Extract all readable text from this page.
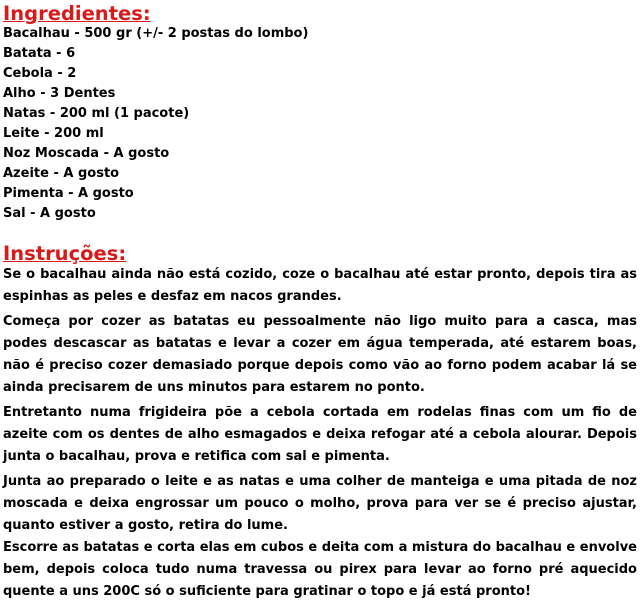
Ingredientes:
Bacalhau - 500 gr (+/- 2 postas do lombo)
Batata - 6
Cebola - 2
Alho - 3 Dentes
Natas - 200 ml (1 pacote)
Leite - 200 ml
Noz Moscada - A gosto
Azeite - A gosto
Pimenta - A gosto
Sal - A gosto
Instruções:

Se o bacalhau ainda não está cozido, coze o bacalhau até estar pronto, depois tira as espinhas as peles e desfaz em nacos grandes.

Começa por cozer as batatas eu pessoalmente não ligo muito para a casca, mas podes descascar as batatas e levar a cozer em água temperada, até estarem boas, não é preciso cozer demasiado porque depois como vão ao forno podem acabar lá se ainda precisarem de uns minutos para estarem no ponto.

Entretanto numa frigideira põe a cebola cortada em rodelas finas com um fio de azeite com os dentes de alho esmagados e deixa refogar até a cebola alourar. Depois junta o bacalhau, prova e retifica com sal e pimenta.

Junta ao preparado o leite e as natas e uma colher de manteiga e uma pitada de noz moscada e deixa engrossar um pouco o molho, prova para ver se é preciso ajustar, quanto estiver a gosto, retira do lume.

Escorre as batatas e corta elas em cubos e deita com a mistura do bacalhau e envolve bem, depois coloca tudo numa travessa ou pirex para levar ao forno pré aquecido quente a uns 200C só o suficiente para gratinar o topo e já está pronto!
